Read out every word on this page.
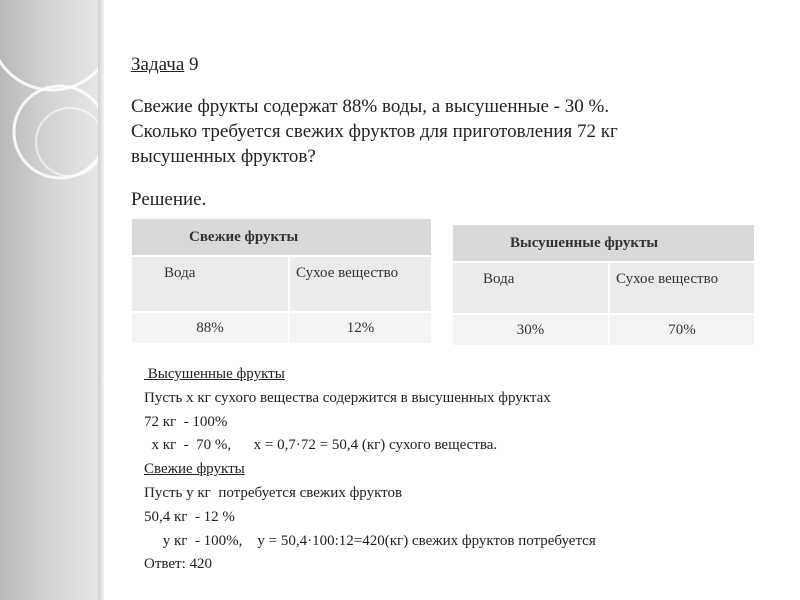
Задача 9
Свежие фрукты содержат 88% воды, а высушенные - 30 %.
Сколько требуется свежих фруктов для приготовления 72 кг
высушенных фруктов?
Решение.
Свежие фрукты	
Вода	Сухое вещество
88%	12%
Высушенные фрукты	
Вода	Сухое вещество
30%	70%
Высушенные фрукты
Пусть х кг сухого вещества содержится в высушенных фруктах
72 кг  - 100%
х кг  -  70 %,      х = 0,7·72 = 50,4 (кг) сухого вещества.
Свежие фрукты
Пусть у кг  потребуется свежих фруктов
50,4 кг  - 12 %
у кг  - 100%,    у = 50,4·100:12=420(кг) свежих фруктов потребуется
Ответ: 420
